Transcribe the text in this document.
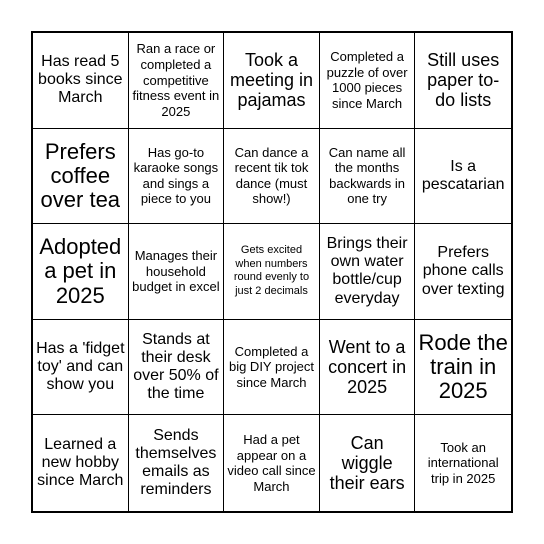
Has read 5 books since March
Ran a race or completed a competitive fitness event in 2025
Took a meeting in pajamas
Completed a puzzle of over 1000 pieces since March
Still uses paper to-do lists
Prefers coffee over tea
Has go-to karaoke songs and sings a piece to you
Can dance a recent tik tok dance (must show!)
Can name all the months backwards in one try
Is a pescatarian
Adopted a pet in 2025
Manages their household budget in excel
Gets excited when numbers round evenly to just 2 decimals
Brings their own water bottle/cup everyday
Prefers phone calls over texting
Has a 'fidget toy' and can show you
Stands at their desk over 50% of the time
Completed a big DIY project since March
Went to a concert in 2025
Rode the train in 2025
Learned a new hobby since March
Sends themselves emails as reminders
Had a pet appear on a video call since March
Can wiggle their ears
Took an international trip in 2025
